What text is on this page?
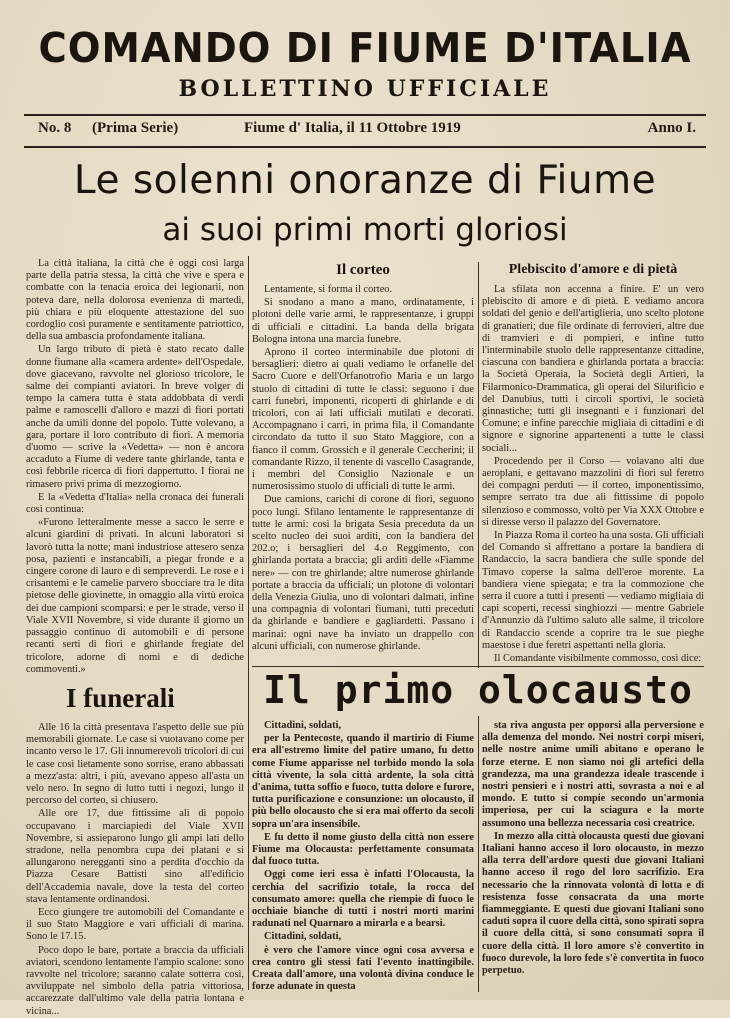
COMANDO DI FIUME D'ITALIA
BOLLETTINO UFFICIALE
No. 8 (Prima Serie)	Fiume d' Italia, il 11 Ottobre 1919	Anno I.
Le solenni onoranze di Fiume
ai suoi primi morti gloriosi

La città italiana, la città che è oggi così larga parte della patria stessa, la città che vive e spera e combatte con la tenacia eroica dei legionarii, non poteva dare, nella dolorosa evenienza di martedì, più chiara e più eloquente attestazione del suo cordoglio così puramente e sentitamente patriottico, della sua ambascia profondamente italiana.

Un largo tributo di pietà è stato recato dalle donne fiumane alla «camera ardente» dell'Ospedale, dove giacevano, ravvolte nel glorioso tricolore, le salme dei compianti aviatori. In breve volger di tempo la camera tutta è stata addobbata di verdi palme e ramoscelli d'alloro e mazzi di fiori portati anche da umili donne del popolo. Tutte volevano, a gara, portare il loro contributo di fiori. A memoria d'uomo — scrive la «Vedetta» — non è ancora accaduto a Fiume di vedere tante ghirlande, tanta e così febbrile ricerca di fiori dappertutto. I fiorai ne rimasero privi prima di mezzogiorno.

E la «Vedetta d'Italia» nella cronaca dei funerali così continua:

«Furono letteralmente messe a sacco le serre e alcuni giardini di privati. In alcuni laboratori si lavorò tutta la notte; mani industriose attesero senza posa, pazienti e instancabili, a piegar fronde e a cingere corone di lauro e di sempreverdi. Le rose e i crisantemi e le camelie parvero sbocciare tra le dita pietose delle giovinette, in omaggio alla virtù eroica dei due campioni scomparsi: e per le strade, verso il Viale XVII Novembre, si vide durante il giorno un passaggio continuo di automobili e di persone recanti serti di fiori e ghirlande fregiate del tricolore, adorne di nomi e di dediche commoventi.»

I funerali

Alle 16 la città presentava l'aspetto delle sue più memorabili giornate. Le case si vuotavano come per incanto verso le 17. Gli innumerevoli tricolori di cui le case così lietamente sono sorrise, erano abbassati a mezz'asta: altri, i più, avevano appeso all'asta un velo nero. In segno di lutto tutti i negozi, lungo il percorso del corteo, si chiusero.

Alle ore 17, due fittissime ali di popolo occupavano i marciapiedi del Viale XVII Novembre, si assieparono lungo gli ampi lati dello stradone, nella penombra cupa dei platani e si allungarono neregganti sino a perdita d'occhio da Piazza Cesare Battisti sino all'edificio dell'Accademia navale, dove la testa del corteo stava lentamente ordinandosi.

Ecco giungere tre automobili del Comandante e il suo Stato Maggiore e vari ufficiali di marina. Sono le 17.15.

Poco dopo le bare, portate a braccia da ufficiali aviatori, scendono lentamente l'ampio scalone: sono ravvolte nel tricolore; saranno calate sotterra così, avviluppate nel simbolo della patria vittoriosa, accarezzate dall'ultimo vale della patria lontana e vicina...

Il corteo

Lentamente, si forma il corteo.

Si snodano a mano a mano, ordinatamente, i plotoni delle varie armi, le rappresentanze, i gruppi di ufficiali e cittadini. La banda della brigata Bologna intona una marcia funebre.

Aprono il corteo interminabile due plotoni di bersaglieri: dietro ai quali vediamo le orfanelle del Sacro Cuore e dell'Orfanotrofio Maria e un largo stuolo di cittadini di tutte le classi: seguono i due carri funebri, imponenti, ricoperti di ghirlande e di tricolori, con ai lati ufficiali mutilati e decorati. Accompagnano i carri, in prima fila, il Comandante circondato da tutto il suo Stato Maggiore, con a fianco il comm. Grossich e il generale Ceccherini; il comandante Rizzo, il tenente di vascello Casagrande, i membri del Consiglio Nazionale e un numerosissimo stuolo di ufficiali di tutte le armi.

Due camions, carichi di corone di fiori, seguono poco lungi. Sfilano lentamente le rappresentanze di tutte le armi: così la brigata Sesia preceduta da un scelto nucleo dei suoi arditi, con la bandiera del 202.o; i bersaglieri del 4.o Reggimento, con ghirlanda portata a braccia; gli arditi delle «Fiamme nere» — con tre ghirlande; altre numerose ghirlande portate a braccia da ufficiali; un plotone di volontari della Venezia Giulia, uno di volontari dalmati, infine una compagnia di volontari fiumani, tutti preceduti da ghirlande e bandiere e gagliardetti. Passano i marinai: ogni nave ha inviato un drappello con alcuni ufficiali, con numerose ghirlande.

Plebiscito d'amore e di pietà

La sfilata non accenna a finire. E' un vero plebiscito di amore e di pietà. E vediamo ancora soldati del genio e dell'artiglieria, uno scelto plotone di granatieri; due file ordinate di ferrovieri, altre due di tramvieri e di pompieri, e infine tutto l'interminabile stuolo delle rappresentanze cittadine, ciascuna con bandiera e ghirlanda portata a braccia: la Società Operaia, la Società degli Artieri, la Filarmonico-Drammatica, gli operai del Silurificio e del Danubius, tutti i circoli sportivi, le società ginnastiche; tutti gli insegnanti e i funzionari del Comune; e infine parecchie migliaia di cittadini e di signore e signorine appartenenti a tutte le classi sociali...

Procedendo per il Corso — volavano alti due aeroplani, e gettavano mazzolini di fiori sul feretro dei compagni perduti — il corteo, imponentissimo, sempre serrato tra due ali fittissime di popolo silenzioso e commosso, voltò per Via XXX Ottobre e si diresse verso il palazzo del Governatore.

In Piazza Roma il corteo ha una sosta. Gli ufficiali del Comando si affrettano a portare la bandiera di Randaccio, la sacra bandiera che sulle sponde del Timavo coperse la salma dell'eroe morente. La bandiera viene spiegata; e tra la commozione che serra il cuore a tutti i presenti — vediamo migliaia di capi scoperti, recessi singhiozzi — mentre Gabriele d'Annunzio dà l'ultimo saluto alle salme, il tricolore di Randaccio scende a coprire tra le sue pieghe maestose i due feretri aspettanti nella gloria.

Il Comandante visibilmente commosso, così dice:

Il primo olocausto

Cittadini, soldati,

per la Pentecoste, quando il martirio di Fiume era all'estremo limite del patire umano, fu detto come Fiume apparisse nel torbido mondo la sola città vivente, la sola città ardente, la sola città d'anima, tutta soffio e fuoco, tutta dolore e furore, tutta purificazione e consunzione: un olocausto, il più bello olocausto che si era mai offerto da secoli sopra un'ara insensibile.

E fu detto il nome giusto della città non essere Fiume ma Olocausta: perfettamente consumata dal fuoco tutta.

Oggi come ieri essa è infatti l'Olocausta, la cerchia del sacrifizio totale, la rocca del consumato amore: quella che riempie di fuoco le occhiaie bianche di tutti i nostri morti marini radunati nel Quarnaro a mirarla e a bearsi.

Cittadini, soldati,

è vero che l'amore vince ogni cosa avversa e crea contro gli stessi fati l'evento inattingibile. Creata dall'amore, una volontà divina conduce le forze adunate in questa

sta riva angusta per opporsi alla perversione e alla demenza del mondo. Nei nostri corpi miseri, nelle nostre anime umili abitano e operano le forze eterne. E non siamo noi gli artefici della grandezza, ma una grandezza ideale trascende i nostri pensieri e i nostri atti, sovrasta a noi e al mondo. E tutto si compie secondo un'armonia imperiosa, per cui la sciagura e la morte assumono una bellezza necessaria così creatrice.

In mezzo alla città olocausta questi due giovani Italiani hanno acceso il loro olocausto, in mezzo alla terra dell'ardore questi due giovani Italiani hanno acceso il rogo del loro sacrifizio. Era necessario che la rinnovata volontà di lotta e di resistenza fosse consacrata da una morte fiammeggiante. E questi due giovani Italiani sono caduti sopra il cuore della città, sono spirati sopra il cuore della città, si sono consumati sopra il cuore della città. Il loro amore s'è convertito in fuoco durevole, la loro fede s'è convertita in fuoco perpetuo.
